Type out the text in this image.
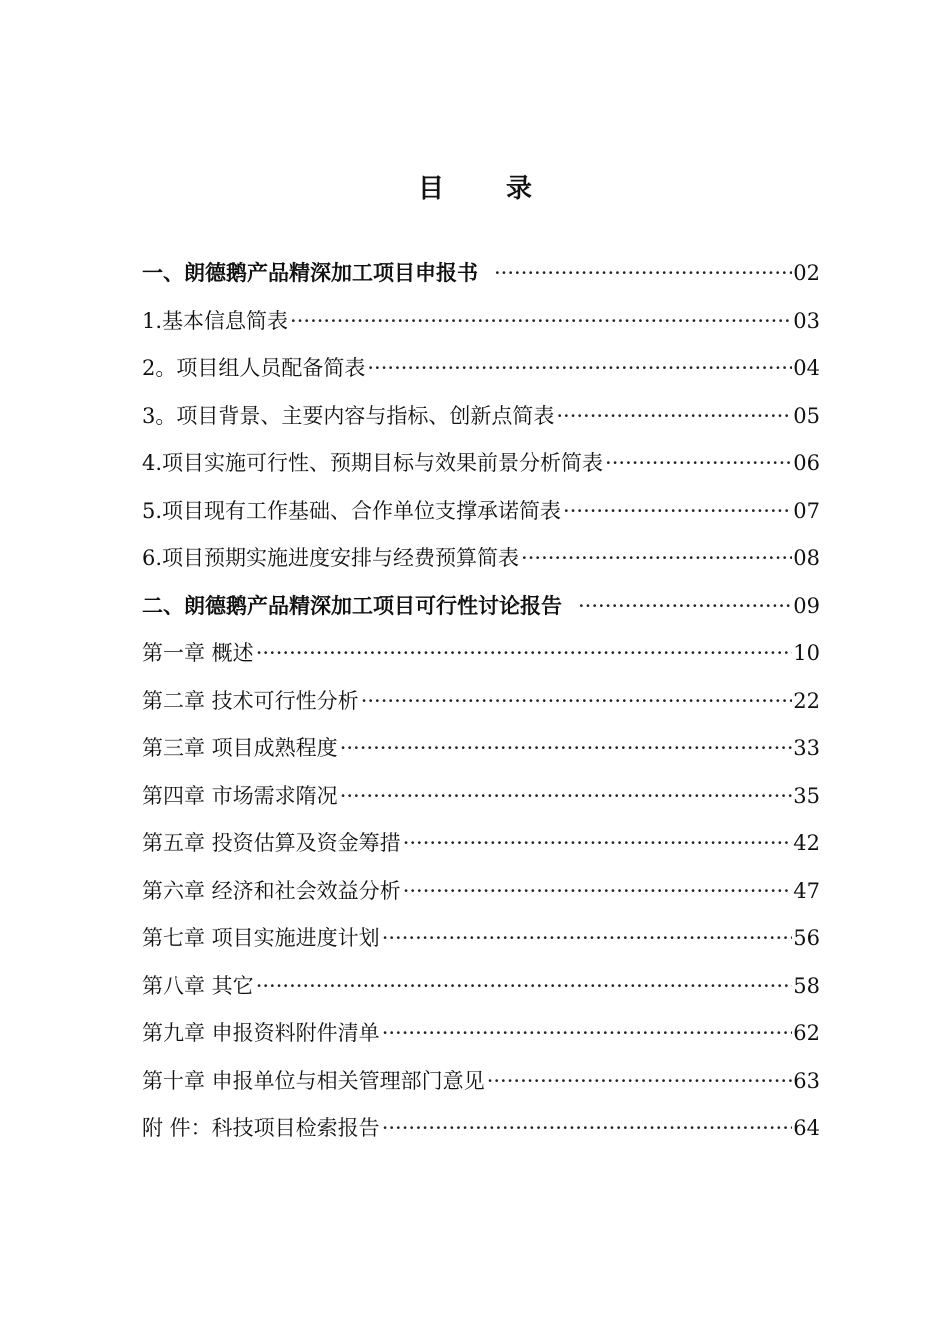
目 录
一、朗德鹅产品精深加工项目申报书 ·····	02
1.基本信息简表 ·····	03
2。项目组人员配备简表 ·····	04
3。项目背景、主要内容与指标、创新点简表 ·····	05
4.项目实施可行性、预期目标与效果前景分析简表 ·····	06
5.项目现有工作基础、合作单位支撑承诺简表 ·····	07
6.项目预期实施进度安排与经费预算简表 ·····	08
二、朗德鹅产品精深加工项目可行性讨论报告 ·····	09
第一章 概述 ·····	10
第二章 技术可行性分析 ·····	22
第三章 项目成熟程度 ·····	33
第四章 市场需求隋况 ·····	35
第五章 投资估算及资金筹措 ·····	42
第六章 经济和社会效益分析 ·····	47
第七章 项目实施进度计划 ·····	56
第八章 其它 ·····	58
第九章 申报资料附件清单 ·····	62
第十章 申报单位与相关管理部门意见 ·····	63
附 件：科技项目检索报告 ·····	64
